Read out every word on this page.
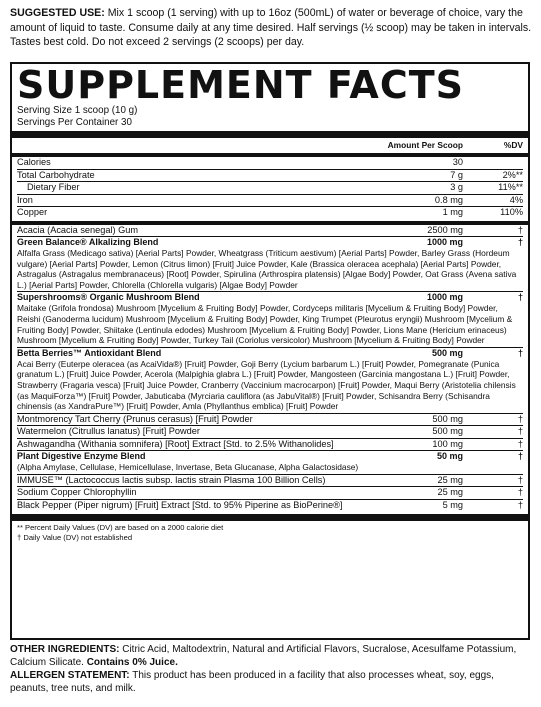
SUGGESTED USE: Mix 1 scoop (1 serving) with up to 16oz (500mL) of water or beverage of choice, vary the amount of liquid to taste. Consume daily at any time desired. Half servings (½ scoop) may be taken in intervals. Tastes best cold. Do not exceed 2 servings (2 scoops) per day.
SUPPLEMENT FACTS
Serving Size 1 scoop (10 g)
Servings Per Container 30
Amount Per Scoop	%DV
Calories	30
Total Carbohydrate	7 g	2%**
Dietary Fiber	3 g	11%**
Iron	0.8 mg	4%
Copper	1 mg	110%
Acacia (Acacia senegal) Gum	2500 mg	†
Green Balance® Alkalizing Blend	1000 mg	†
Alfalfa Grass (Medicago sativa) [Aerial Parts] Powder, Wheatgrass (Triticum aestivum) [Aerial Parts] Powder, Barley Grass (Hordeum vulgare) [Aerial Parts] Powder, Lemon (Citrus limon) [Fruit] Juice Powder, Kale (Brassica oleracea acephala) [Aerial Parts] Powder, Astragalus (Astragalus membranaceus) [Root] Powder, Spirulina (Arthrospira platensis) [Algae Body] Powder, Oat Grass (Avena sativa L.) [Aerial Parts] Powder, Chlorella (Chlorella vulgaris) [Algae Body] Powder
Supershrooms® Organic Mushroom Blend	1000 mg	†
Maitake (Grifola frondosa) Mushroom [Mycelium & Fruiting Body] Powder, Cordyceps militaris [Mycelium & Fruiting Body] Powder, Reishi (Ganoderma lucidum) Mushroom [Mycelium & Fruiting Body] Powder, King Trumpet (Pleurotus eryngii) Mushroom [Mycelium & Fruiting Body] Powder, Shiitake (Lentinula edodes) Mushroom [Mycelium & Fruiting Body] Powder, Lions Mane (Hericium erinaceus) Mushroom [Mycelium & Fruiting Body] Powder, Turkey Tail (Coriolus versicolor) Mushroom [Mycelium & Fruiting Body] Powder
Betta Berries™ Antioxidant Blend	500 mg	†
Acai Berry (Euterpe oleracea (as AcaiVida®) [Fruit] Powder, Goji Berry (Lycium barbarum L.) [Fruit] Powder, Pomegranate (Punica granatum L.) [Fruit] Juice Powder, Acerola (Malpighia glabra L.) [Fruit] Powder, Mangosteen (Garcinia mangostana L.) [Fruit] Powder, Strawberry (Fragaria vesca) [Fruit] Juice Powder, Cranberry (Vaccinium macrocarpon) [Fruit] Powder, Maqui Berry (Aristotelia chilensis (as MaquiForza™) [Fruit] Powder, Jabuticaba (Myrciaria cauliflora (as JabuVital®) [Fruit] Powder, Schisandra Berry (Schisandra chinensis (as XandraPure™) [Fruit] Powder, Amla (Phyllanthus emblica) [Fruit] Powder
Montmorency Tart Cherry (Prunus cerasus) [Fruit] Powder	500 mg	†
Watermelon (Citrullus lanatus) [Fruit] Powder	500 mg	†
Ashwagandha (Withania somnifera) [Root] Extract [Std. to 2.5% Withanolides]	100 mg	†
Plant Digestive Enzyme Blend	50 mg	†
(Alpha Amylase, Cellulase, Hemicellulase, Invertase, Beta Glucanase, Alpha Galactosidase)
IMMUSE™ (Lactococcus lactis subsp. lactis strain Plasma 100 Billion Cells)	25 mg	†
Sodium Copper Chlorophyllin	25 mg	†
Black Pepper (Piper nigrum) [Fruit] Extract [Std. to 95% Piperine as BioPerine®]	5 mg	†
** Percent Daily Values (DV) are based on a 2000 calorie diet
† Daily Value (DV) not established
OTHER INGREDIENTS: Citric Acid, Maltodextrin, Natural and Artificial Flavors, Sucralose, Acesulfame Potassium, Calcium Silicate. Contains 0% Juice.
ALLERGEN STATEMENT: This product has been produced in a facility that also processes wheat, soy, eggs, peanuts, tree nuts, and milk.
